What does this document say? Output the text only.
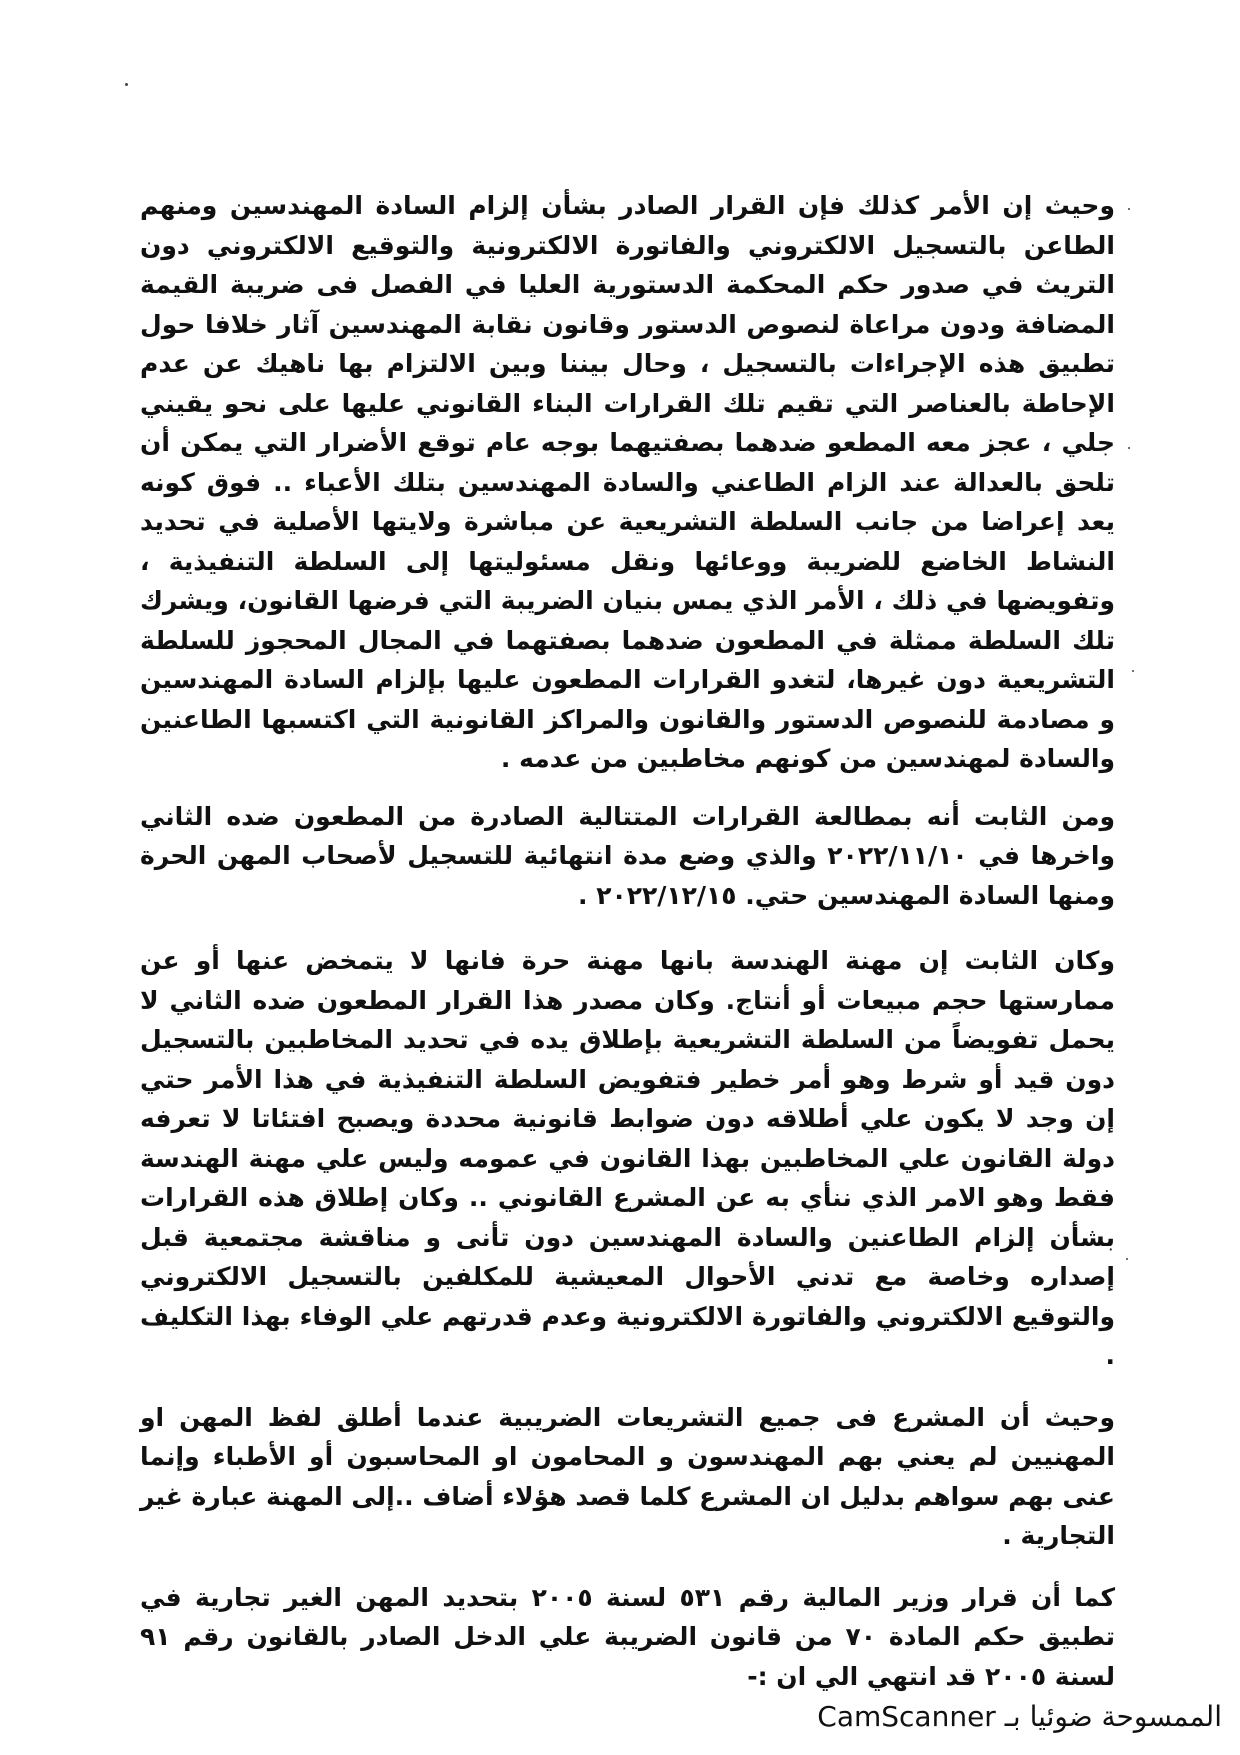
وحيث إن الأمر كذلك فإن القرار الصادر بشأن إلزام السادة المهندسين ومنهم الطاعن بالتسجيل الالكتروني والفاتورة الالكترونية والتوقيع الالكتروني دون التريث في صدور حكم المحكمة الدستورية العليا في الفصل فى ضريبة القيمة المضافة ودون مراعاة لنصوص الدستور وقانون نقابة المهندسين آثار خلافا حول تطبيق هذه الإجراءات بالتسجيل ، وحال بيننا وبين الالتزام بها ناهيك عن عدم الإحاطة بالعناصر التي تقيم تلك القرارات البناء القانوني عليها على نحو يقيني جلي ، عجز معه المطعو ضدهما بصفتيهما بوجه عام توقع الأضرار التي يمكن أن تلحق بالعدالة عند الزام الطاعني والسادة المهندسين بتلك الأعباء .. فوق كونه يعد إعراضا من جانب السلطة التشريعية عن مباشرة ولايتها الأصلية في تحديد النشاط الخاضع للضريبة ووعائها ونقل مسئوليتها إلى السلطة التنفيذية ، وتفويضها في ذلك ، الأمر الذي يمس بنيان الضريبة التي فرضها القانون، ويشرك تلك السلطة ممثلة في المطعون ضدهما بصفتهما في المجال المحجوز للسلطة التشريعية دون غيرها، لتغدو القرارات المطعون عليها بإلزام السادة المهندسين و مصادمة للنصوص الدستور والقانون والمراكز القانونية التي اكتسبها الطاعنين والسادة لمهندسين من كونهم مخاطبين من عدمه .

ومن الثابت أنه بمطالعة القرارات المتتالية الصادرة من المطعون ضده الثاني واخرها في ٢٠٢٢/١١/١٠ والذي وضع مدة انتهائية للتسجيل لأصحاب المهن الحرة ومنها السادة المهندسين حتي. ٢٠٢٢/١٢/١٥ .

وكان الثابت إن مهنة الهندسة بانها مهنة حرة فانها لا يتمخض عنها أو عن ممارستها حجم مبيعات أو أنتاج. وكان مصدر هذا القرار المطعون ضده الثاني لا يحمل تفويضاً من السلطة التشريعية بإطلاق يده في تحديد المخاطبين بالتسجيل دون قيد أو شرط وهو أمر خطير فتفويض السلطة التنفيذية في هذا الأمر حتي إن وجد لا يكون علي أطلاقه دون ضوابط قانونية محددة ويصبح افتئاتا لا تعرفه دولة القانون علي المخاطبين بهذا القانون في عمومه وليس علي مهنة الهندسة فقط وهو الامر الذي ننأي به عن المشرع القانوني .. وكان إطلاق هذه القرارات بشأن إلزام الطاعنين والسادة المهندسين دون تأنى و مناقشة مجتمعية قبل إصداره وخاصة مع تدني الأحوال المعيشية للمكلفين بالتسجيل الالكتروني والتوقيع الالكتروني والفاتورة الالكترونية وعدم قدرتهم علي الوفاء بهذا التكليف .

وحيث أن المشرع فى جميع التشريعات الضريبية عندما أطلق لفظ المهن او المهنيين لم يعني بهم المهندسون و المحامون او المحاسبون أو الأطباء وإنما عنى بهم سواهم بدليل ان المشرع كلما قصد هؤلاء أضاف ..إلى المهنة عبارة غير التجارية .

كما أن قرار وزير المالية رقم ٥٣١ لسنة ٢٠٠٥ بتحديد المهن الغير تجارية في تطبيق حكم المادة ٧٠ من قانون الضريبة علي الدخل الصادر بالقانون رقم ٩١ لسنة ٢٠٠٥ قد انتهي الي ان :-

الممسوحة ضوئيا بـ CamScanner
